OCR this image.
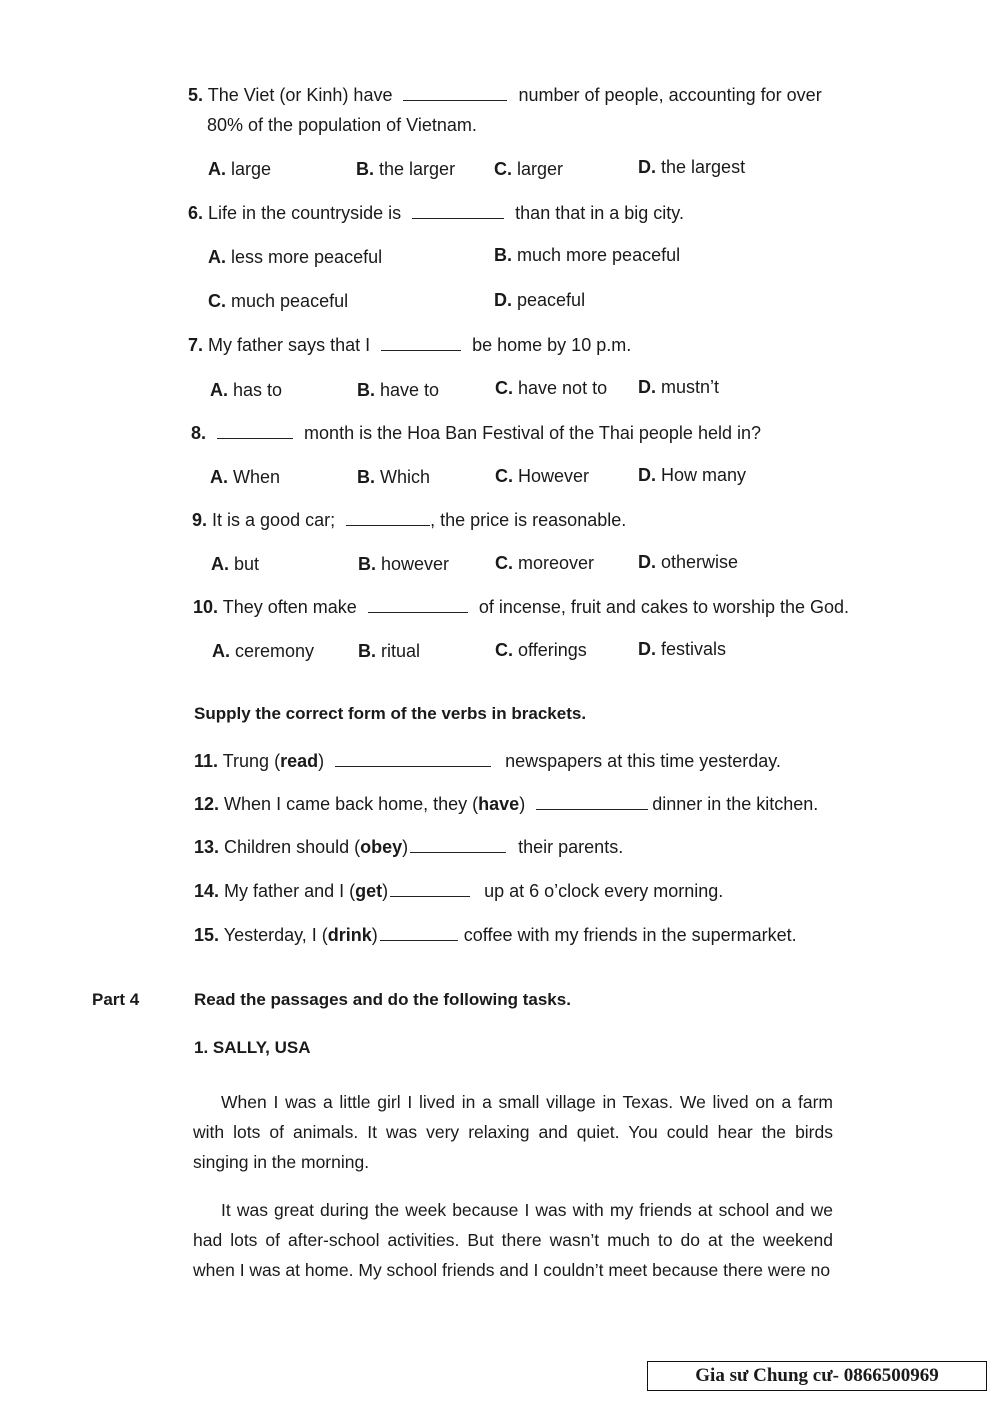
5. The Viet (or Kinh) have	number of people, accounting for over
80% of the population of Vietnam.
A. large	B. the larger C. larger	D. the largest
6. Life in the countryside is	than that in a big city.
A. less more peaceful	B. much more peaceful
C. much peaceful	D. peaceful
7. My father says that I	be home by 10 p.m.
A. has to	B. have to	C. have not to D. mustn’t
8.	month is the Hoa Ban Festival of the Thai people held in?
A. When	B. Which	C. However	D. How many
9. It is a good car;	, the price is reasonable.
A. but	B. however	C. moreover D. otherwise
10. They often make	of incense, fruit and cakes to worship the God.
A. ceremony B. ritual	C. offerings	D. festivals
Supply the correct form of the verbs in brackets.
11. Trung (read)	newspapers at this time yesterday.
12. When I came back home, they (have)	dinner in the kitchen.
13. Children should (obey)	their parents.
14. My father and I (get)	up at 6 o’clock every morning.
15. Yesterday, I (drink)	coffee with my friends in the supermarket.
Part 4	Read the passages and do the following tasks.
1. SALLY, USA

When I was a little girl I lived in a small village in Texas. We lived on a farm with lots of animals. It was very relaxing and quiet. You could hear the birds singing in the morning.

It was great during the week because I was with my friends at school and we had lots of after-school activities. But there wasn’t much to do at the weekend when I was at home. My school friends and I couldn’t meet because there were no

Gia sư Chung cư- 0866500969
